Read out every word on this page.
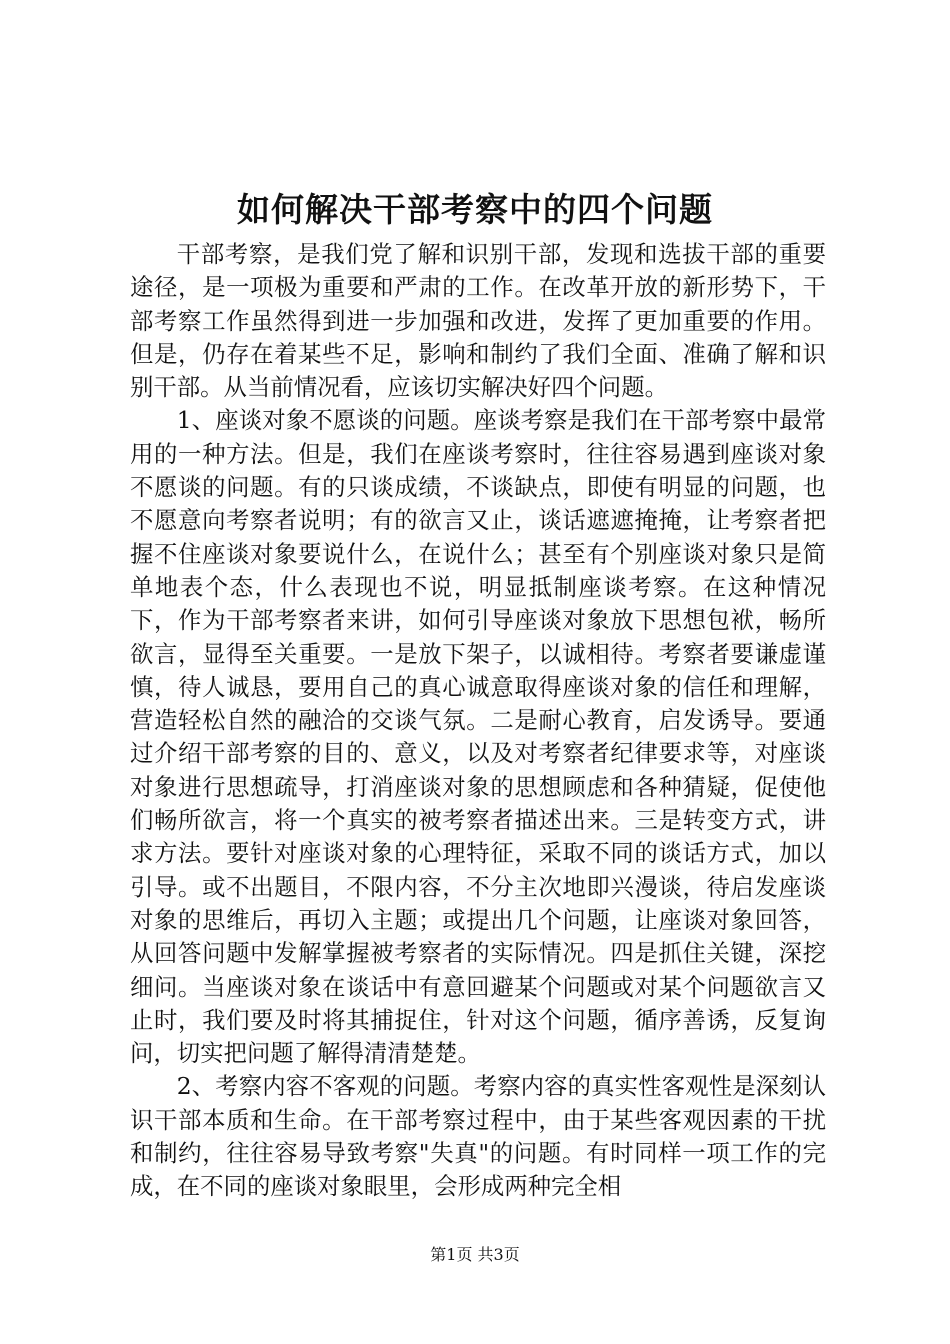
如何解决干部考察中的四个问题

干部考察，是我们党了解和识别干部，发现和选拔干部的重要途径，是一项极为重要和严肃的工作。在改革开放的新形势下，干部考察工作虽然得到进一步加强和改进，发挥了更加重要的作用。但是，仍存在着某些不足，影响和制约了我们全面、准确了解和识别干部。从当前情况看，应该切实解决好四个问题。

1、座谈对象不愿谈的问题。座谈考察是我们在干部考察中最常用的一种方法。但是，我们在座谈考察时，往往容易遇到座谈对象不愿谈的问题。有的只谈成绩，不谈缺点，即使有明显的问题，也不愿意向考察者说明；有的欲言又止，谈话遮遮掩掩，让考察者把握不住座谈对象要说什么，在说什么；甚至有个别座谈对象只是简单地表个态，什么表现也不说，明显抵制座谈考察。在这种情况下，作为干部考察者来讲，如何引导座谈对象放下思想包袱，畅所欲言，显得至关重要。一是放下架子，以诚相待。考察者要谦虚谨慎，待人诚恳，要用自己的真心诚意取得座谈对象的信任和理解，营造轻松自然的融洽的交谈气氛。二是耐心教育，启发诱导。要通过介绍干部考察的目的、意义，以及对考察者纪律要求等，对座谈对象进行思想疏导，打消座谈对象的思想顾虑和各种猜疑，促使他们畅所欲言，将一个真实的被考察者描述出来。三是转变方式，讲求方法。要针对座谈对象的心理特征，采取不同的谈话方式，加以引导。或不出题目，不限内容，不分主次地即兴漫谈，待启发座谈对象的思维后，再切入主题；或提出几个问题，让座谈对象回答，从回答问题中发解掌握被考察者的实际情况。四是抓住关键，深挖细问。当座谈对象在谈话中有意回避某个问题或对某个问题欲言又止时，我们要及时将其捕捉住，针对这个问题，循序善诱，反复询问，切实把问题了解得清清楚楚。

2、考察内容不客观的问题。考察内容的真实性客观性是深刻认识干部本质和生命。在干部考察过程中，由于某些客观因素的干扰和制约，往往容易导致考察"失真"的问题。有时同样一项工作的完成，在不同的座谈对象眼里，会形成两种完全相

第1页 共3页
